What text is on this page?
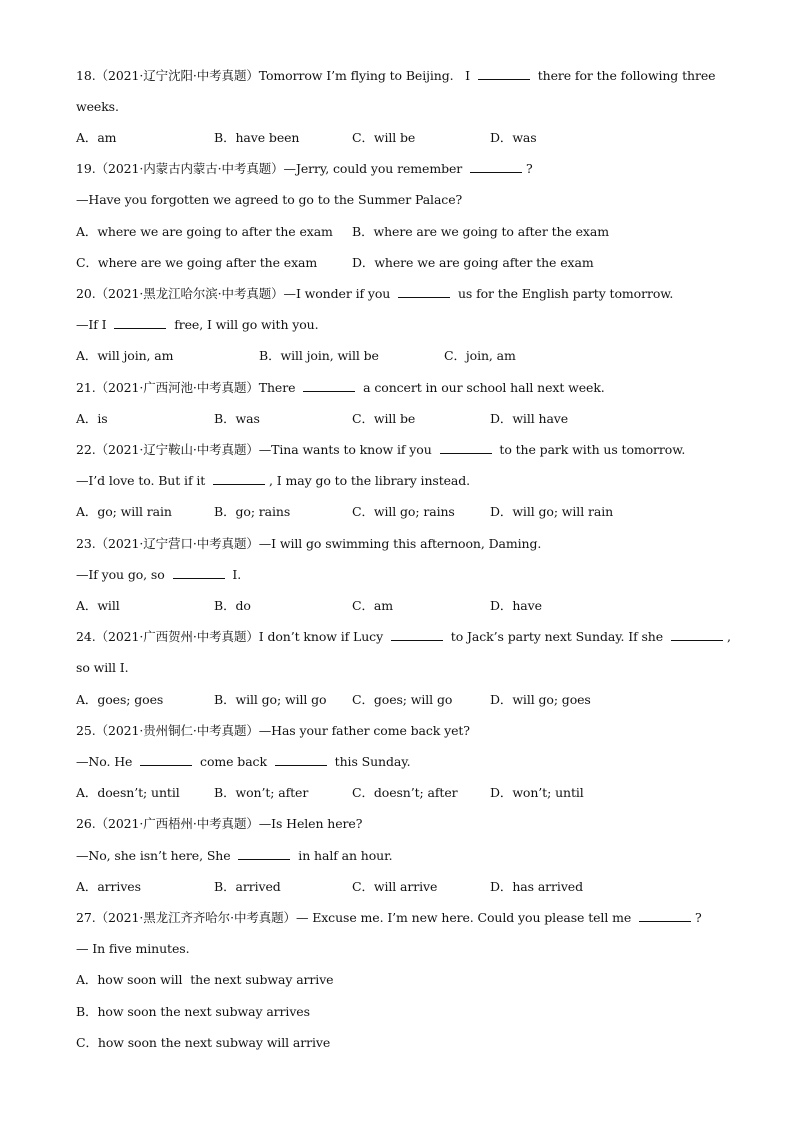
18.（2021·辽宁沈阳·中考真题）Tomorrow I’m flying to Beijing.   I	there for the following three
weeks.
A．am	B．have been	C．will be	D．was
19.（2021·内蒙古内蒙古·中考真题）—Jerry, could you remember	?
—Have you forgotten we agreed to go to the Summer Palace?
A．where we are going to after the exam B．where are we going to after the exam
C．where are we going after the exam	D．where we are going after the exam
20.（2021·黑龙江哈尔滨·中考真题）—I wonder if you	us for the English party tomorrow.
—If I	free, I will go with you.
A．will join, am	B．will join, will be	C．join, am
21.（2021·广西河池·中考真题）There	a concert in our school hall next week.
A．is	B．was	C．will be	D．will have
22.（2021·辽宁鞍山·中考真题）—Tina wants to know if you	to the park with us tomorrow.
—I’d love to. But if it	, I may go to the library instead.
A．go; will rain	B．go; rains	C．will go; rains	D．will go; will rain
23.（2021·辽宁营口·中考真题）—I will go swimming this afternoon, Daming.
—If you go, so	I.
A．will	B．do	C．am	D．have
24.（2021·广西贺州·中考真题）I don’t know if Lucy	to Jack’s party next Sunday. If she	,
so will I.
A．goes; goes	B．will go; will go C．goes; will go	D．will go; goes
25.（2021·贵州铜仁·中考真题）—Has your father come back yet?
—No. He	come back	this Sunday.
A．doesn’t; until	B．won’t; after	C．doesn’t; after	D．won’t; until
26.（2021·广西梧州·中考真题）—Is Helen here?
—No, she isn’t here, She	in half an hour.
A．arrives	B．arrived	C．will arrive	D．has arrived
27.（2021·黑龙江齐齐哈尔·中考真题）— Excuse me. I’m new here. Could you please tell me	?
— In five minutes.
A．how soon will  the next subway arrive
B．how soon the next subway arrives
C．how soon the next subway will arrive
